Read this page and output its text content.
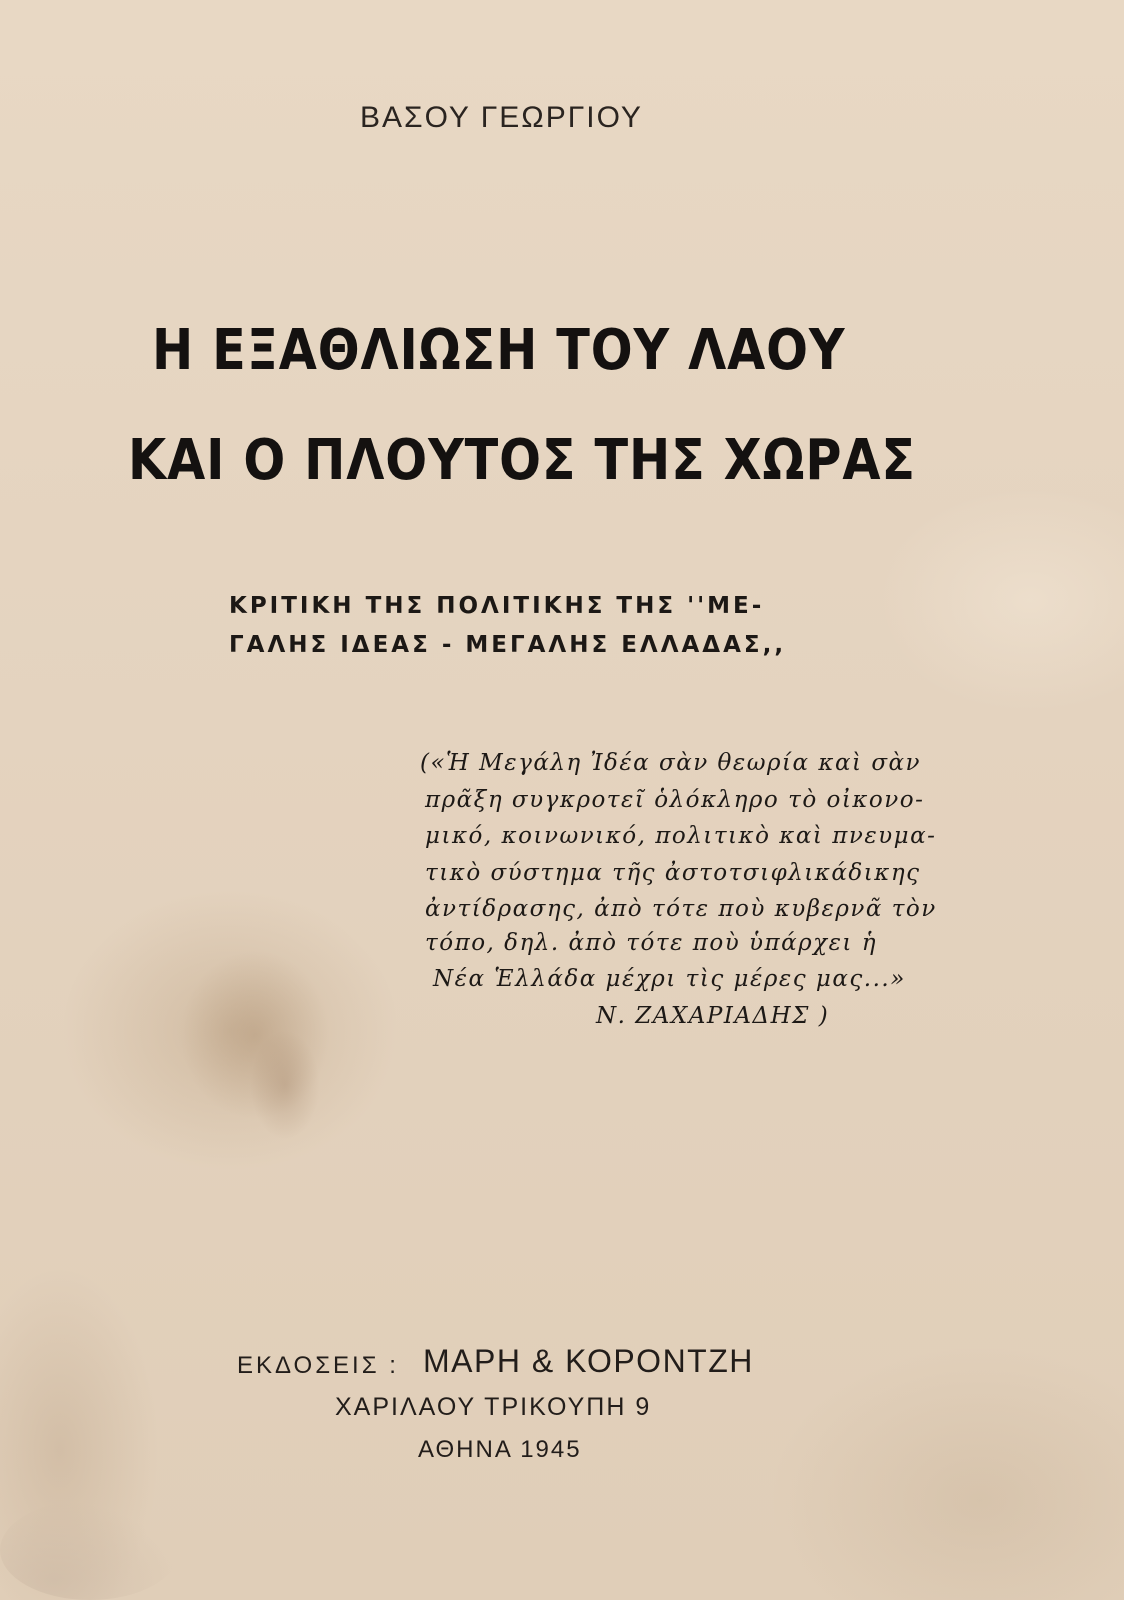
ΒΑΣΟΥ ΓΕΩΡΓΙΟΥ

Η ΕΞΑΘΛΙΩΣΗ ΤΟΥ ΛΑΟΥ
ΚΑΙ Ο ΠΛΟΥΤΟΣ ΤΗΣ ΧΩΡΑΣ

ΚΡΙΤΙΚΗ ΤΗΣ ΠΟΛΙΤΙΚΗΣ ΤΗΣ ''ΜΕ-

ΓΑΛΗΣ ΙΔΕΑΣ - ΜΕΓΑΛΗΣ ΕΛΛΑΔΑΣ,,

(«Ἡ Μεγάλη Ἰδέα σὰν θεωρία καὶ σὰν

πρᾶξη συγκροτεῖ ὁλόκληρο τὸ οἰκονο-

μικό, κοινωνικό, πολιτικὸ καὶ πνευμα-

τικὸ σύστημα τῆς ἀστοτσιφλικάδικης

ἀντίδρασης, ἀπὸ τότε ποὺ κυβερνᾶ τὸν

τόπο, δηλ. ἀπὸ τότε ποὺ ὑπάρχει ἡ

Νέα Ἑλλάδα μέχρι τὶς μέρες μας...»

Ν. ΖΑΧΑΡΙΑΔΗΣ )

ΕΚΔΟΣΕΙΣ : ΜΑΡΗ & ΚΟΡΟΝΤΖΗ

ΧΑΡΙΛΑΟΥ ΤΡΙΚΟΥΠΗ 9

ΑΘΗΝΑ 1945
